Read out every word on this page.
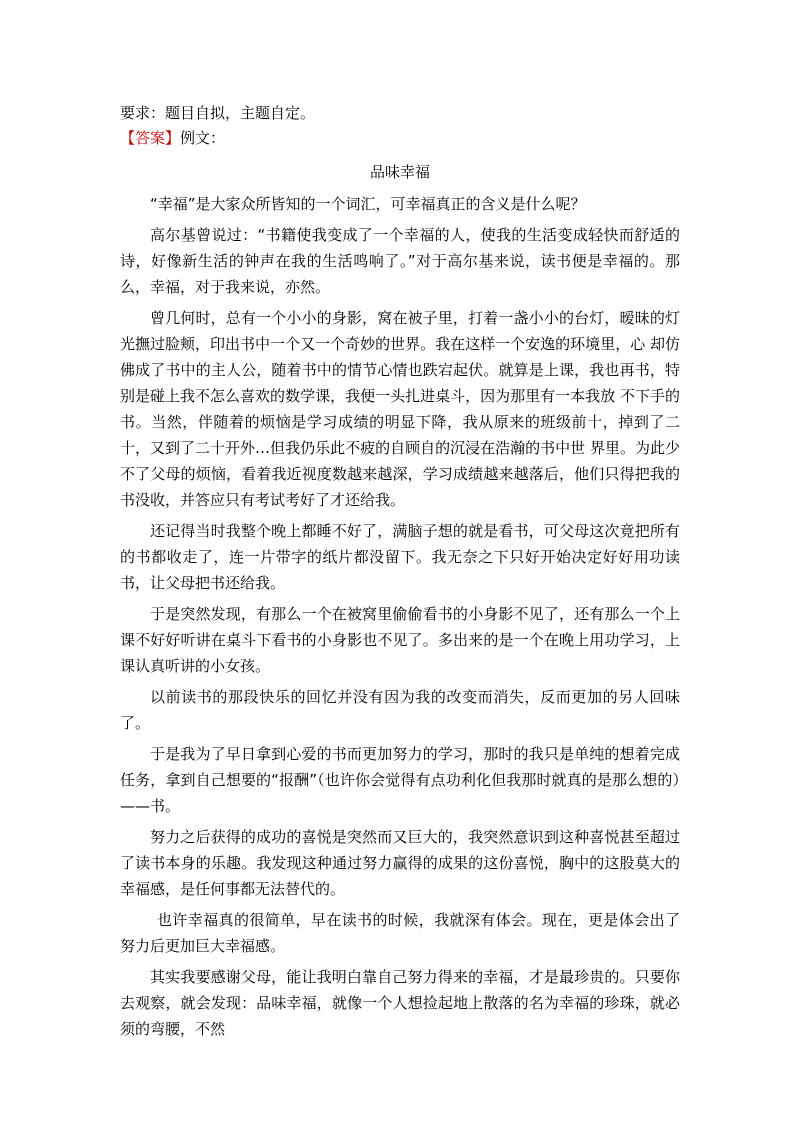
要求：题目自拟，主题自定。

【答案】例文：

品味幸福

“幸福”是大家众所皆知的一个词汇，可幸福真正的含义是什么呢？

高尔基曾说过：“书籍使我变成了一个幸福的人，使我的生活变成轻快而舒适的诗，好像新生活的钟声在我的生活鸣响了。”对于高尔基来说，读书便是幸福的。那么，幸福，对于我来说，亦然。

曾几何时，总有一个小小的身影，窝在被子里，打着一盏小小的台灯，暧昧的灯光撫过脸颊，印出书中一个又一个奇妙的世界。我在这样一个安逸的环境里，心 却仿佛成了书中的主人公，随着书中的情节心情也跌宕起伏。就算是上课，我也再书，特别是碰上我不怎么喜欢的数学课，我便一头扎进桌斗，因为那里有一本我放 不下手的书。当然，伴随着的烦恼是学习成绩的明显下降，我从原来的班级前十，掉到了二十，又到了二十开外…但我仍乐此不疲的自顾自的沉浸在浩瀚的书中世 界里。为此少不了父母的烦恼，看着我近视度数越来越深，学习成绩越来越落后，他们只得把我的书没收，并答应只有考试考好了才还给我。

还记得当时我整个晚上都睡不好了，满脑子想的就是看书，可父母这次竟把所有的书都收走了，连一片带字的纸片都没留下。我无奈之下只好开始决定好好用功读书，让父母把书还给我。

于是突然发现，有那么一个在被窝里偷偷看书的小身影不见了，还有那么一个上课不好好听讲在桌斗下看书的小身影也不见了。多出来的是一个在晚上用功学习，上课认真听讲的小女孩。

以前读书的那段快乐的回忆并没有因为我的改变而消失，反而更加的另人回味了。

于是我为了早日拿到心爱的书而更加努力的学习，那时的我只是单纯的想着完成任务，拿到自己想要的“报酬”（也许你会觉得有点功利化但我那时就真的是那么想的）——书。

努力之后获得的成功的喜悦是突然而又巨大的，我突然意识到这种喜悦甚至超过了读书本身的乐趣。我发现这种通过努力赢得的成果的这份喜悦，胸中的这股莫大的幸福感，是任何事都无法替代的。

也许幸福真的很简单，早在读书的时候，我就深有体会。现在，更是体会出了努力后更加巨大幸福感。

其实我要感谢父母，能让我明白靠自己努力得来的幸福，才是最珍贵的。只要你去观察，就会发现：品味幸福，就像一个人想捡起地上散落的名为幸福的珍珠，就必须的弯腰，不然
